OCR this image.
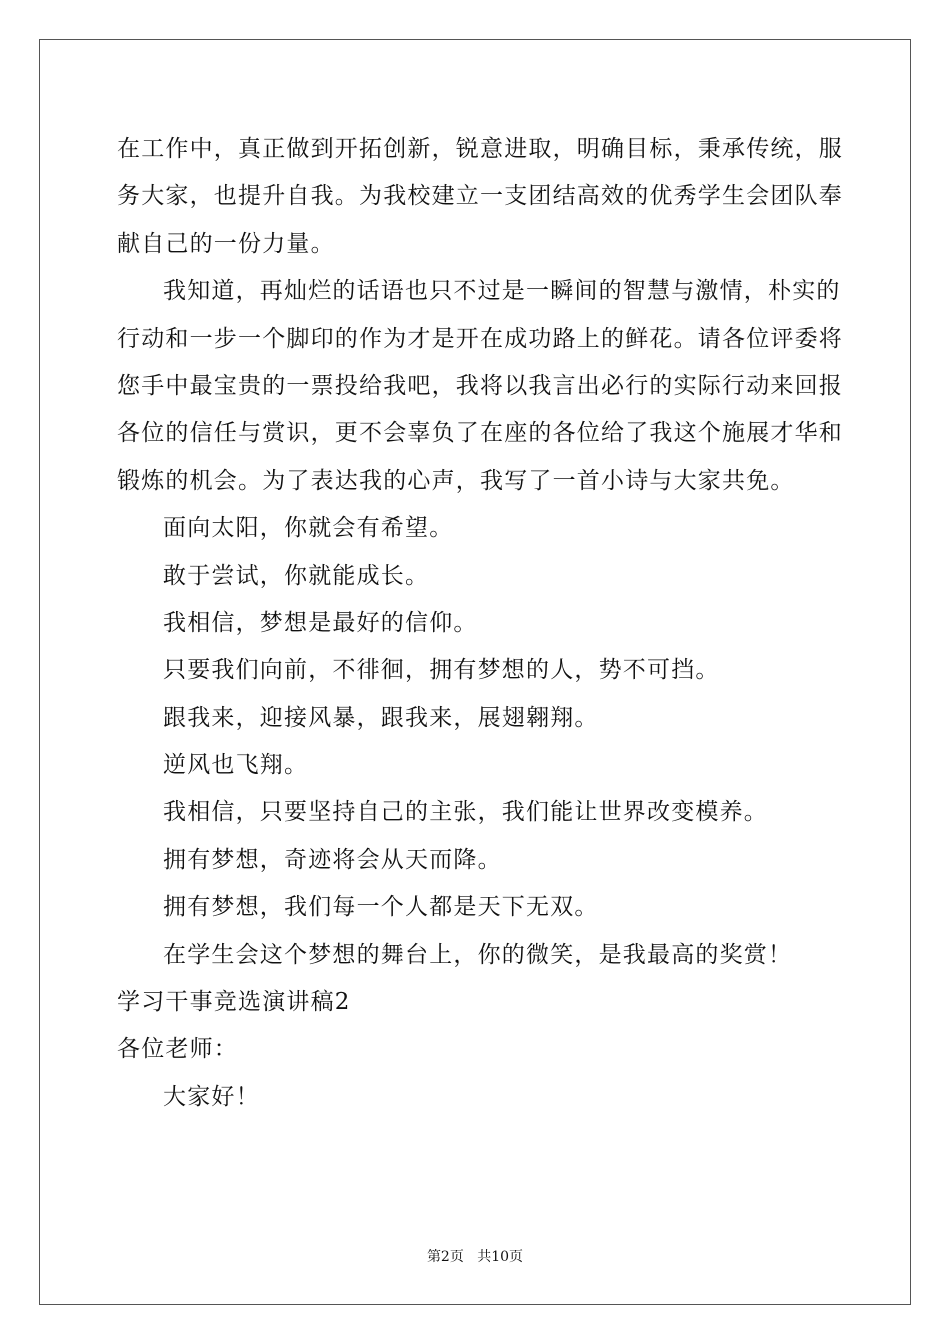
在工作中，真正做到开拓创新，锐意进取，明确目标，秉承传统，服
务大家，也提升自我。为我校建立一支团结高效的优秀学生会团队奉
献自己的一份力量。
我知道，再灿烂的话语也只不过是一瞬间的智慧与激情，朴实的
行动和一步一个脚印的作为才是开在成功路上的鲜花。请各位评委将
您手中最宝贵的一票投给我吧，我将以我言出必行的实际行动来回报
各位的信任与赏识，更不会辜负了在座的各位给了我这个施展才华和
锻炼的机会。为了表达我的心声，我写了一首小诗与大家共免。
面向太阳，你就会有希望。
敢于尝试，你就能成长。
我相信，梦想是最好的信仰。
只要我们向前，不徘徊，拥有梦想的人，势不可挡。
跟我来，迎接风暴，跟我来，展翅翱翔。
逆风也飞翔。
我相信，只要坚持自己的主张，我们能让世界改变模养。
拥有梦想，奇迹将会从天而降。
拥有梦想，我们每一个人都是天下无双。
在学生会这个梦想的舞台上，你的微笑，是我最高的奖赏！
学习干事竞选演讲稿2
各位老师：
大家好！
第2页 共10页
